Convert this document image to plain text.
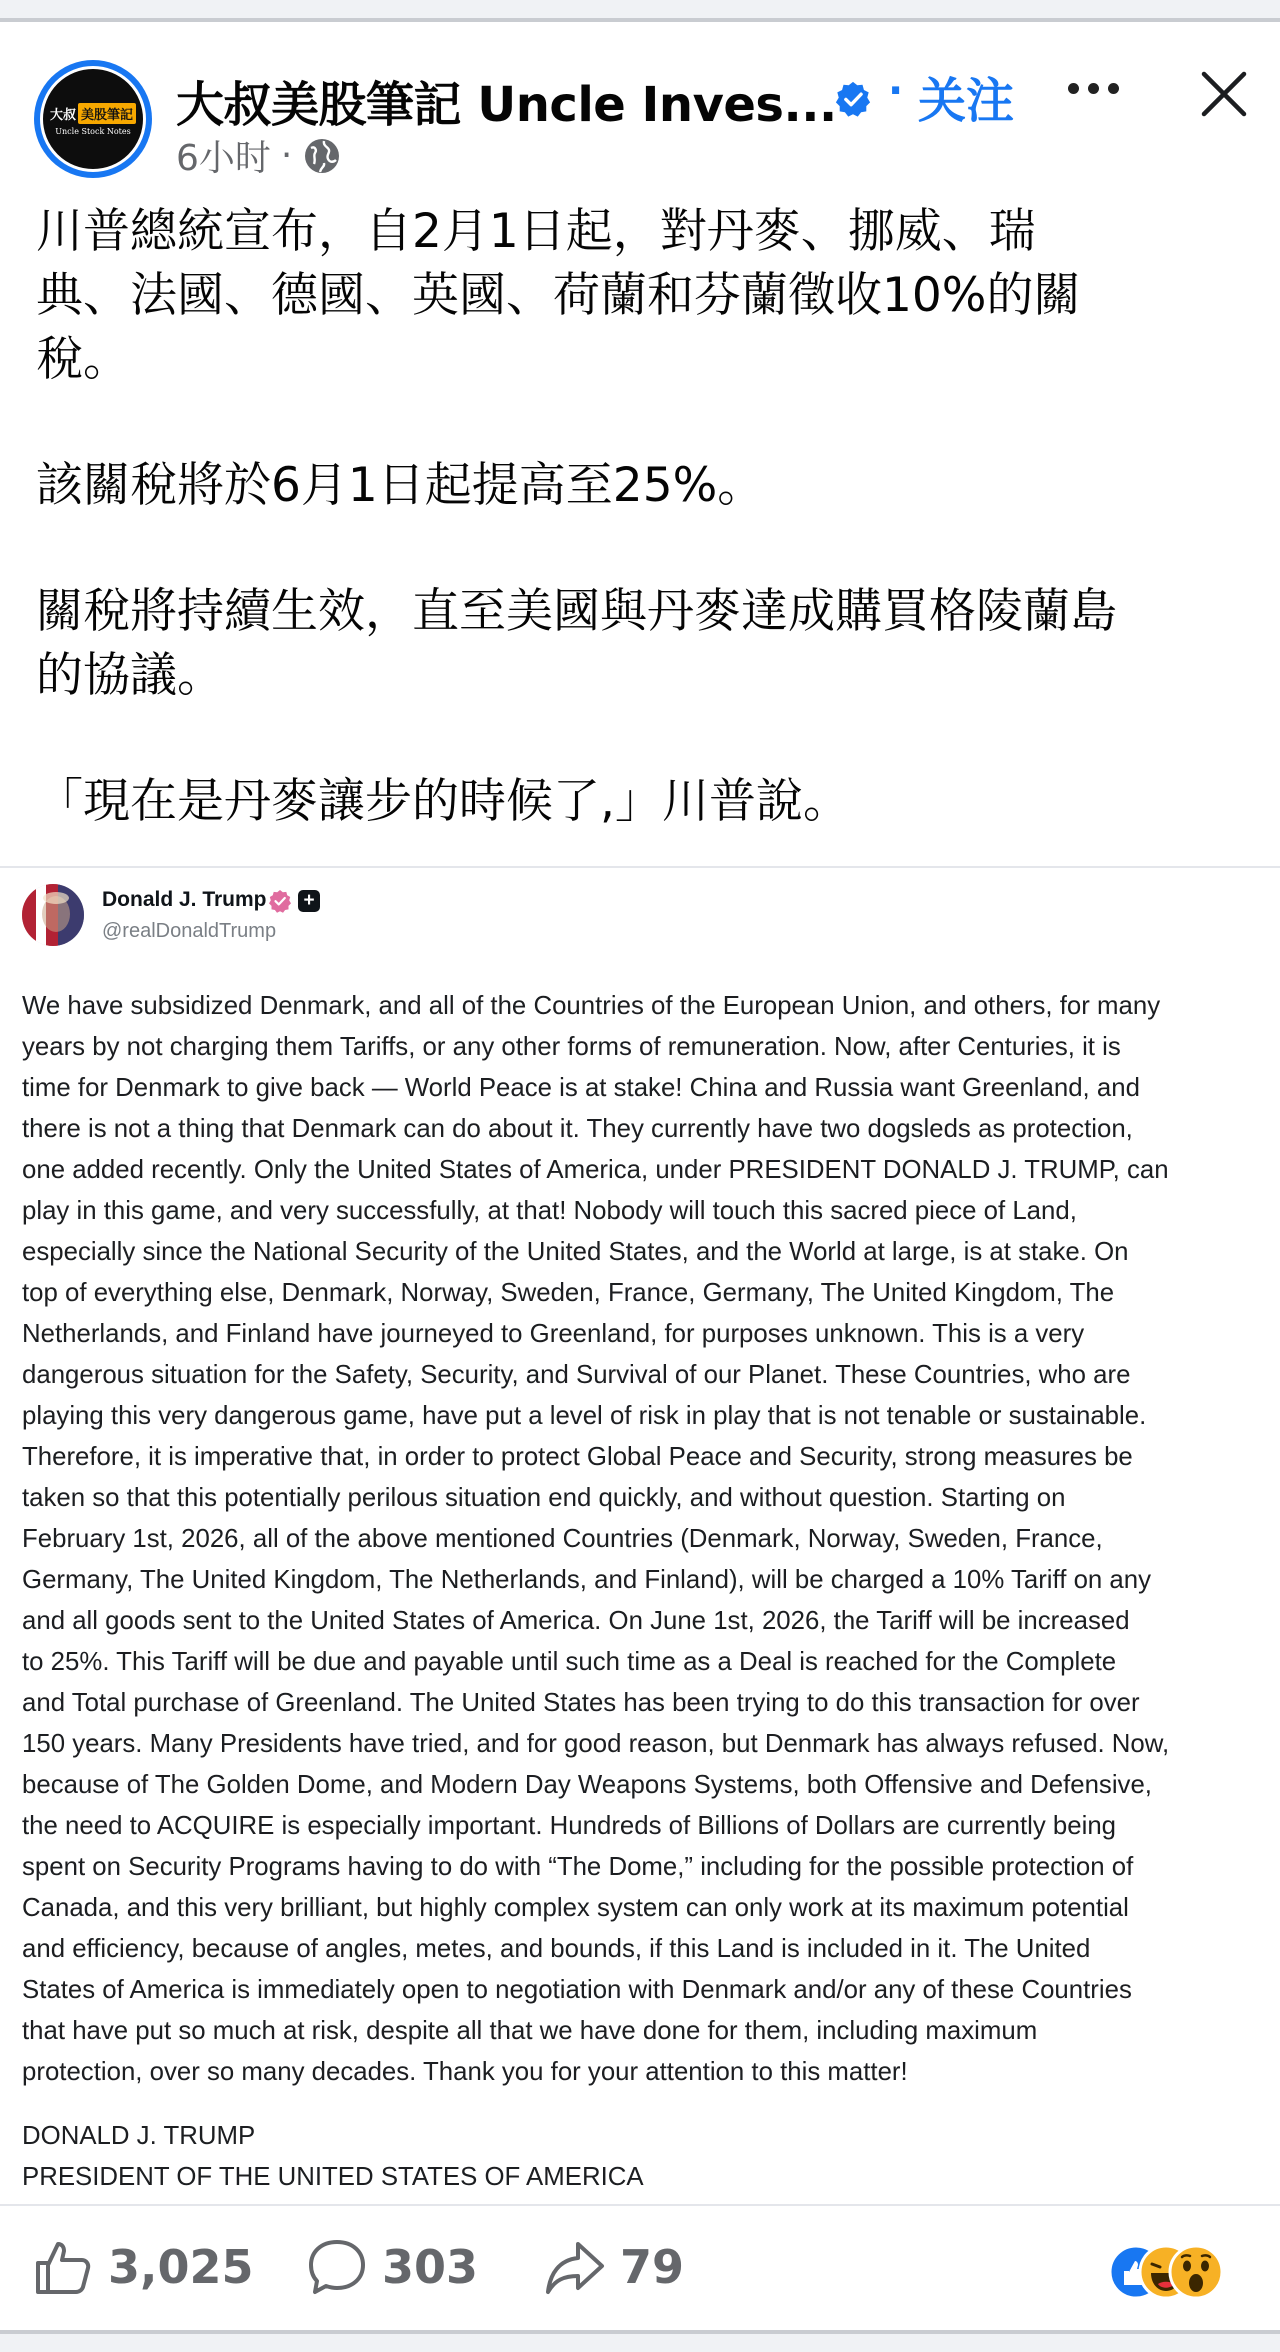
大叔 美股筆記
Uncle Stock Notes 大叔美股筆記 Uncle Inves... · 关注
6小时 ·

川普總統宣布，自2月1日起，對丹麥、挪威、瑞

典、法國、德國、英國、荷蘭和芬蘭徵收10%的關

稅。

該關稅將於6月1日起提高至25%。

關稅將持續生效，直至美國與丹麥達成購買格陵蘭島

的協議。

「現在是丹麥讓步的時候了,」川普說。

Donald J. Trump +
@realDonaldTrump
We have subsidized Denmark, and all of the Countries of the European Union, and others, for many
years by not charging them Tariffs, or any other forms of remuneration. Now, after Centuries, it is
time for Denmark to give back — World Peace is at stake! China and Russia want Greenland, and
there is not a thing that Denmark can do about it. They currently have two dogsleds as protection,
one added recently. Only the United States of America, under PRESIDENT DONALD J. TRUMP, can
play in this game, and very successfully, at that! Nobody will touch this sacred piece of Land,
especially since the National Security of the United States, and the World at large, is at stake. On
top of everything else, Denmark, Norway, Sweden, France, Germany, The United Kingdom, The
Netherlands, and Finland have journeyed to Greenland, for purposes unknown. This is a very
dangerous situation for the Safety, Security, and Survival of our Planet. These Countries, who are
playing this very dangerous game, have put a level of risk in play that is not tenable or sustainable.
Therefore, it is imperative that, in order to protect Global Peace and Security, strong measures be
taken so that this potentially perilous situation end quickly, and without question. Starting on
February 1st, 2026, all of the above mentioned Countries (Denmark, Norway, Sweden, France,
Germany, The United Kingdom, The Netherlands, and Finland), will be charged a 10% Tariff on any
and all goods sent to the United States of America. On June 1st, 2026, the Tariff will be increased
to 25%. This Tariff will be due and payable until such time as a Deal is reached for the Complete
and Total purchase of Greenland. The United States has been trying to do this transaction for over
150 years. Many Presidents have tried, and for good reason, but Denmark has always refused. Now,
because of The Golden Dome, and Modern Day Weapons Systems, both Offensive and Defensive,
the need to ACQUIRE is especially important. Hundreds of Billions of Dollars are currently being
spent on Security Programs having to do with “The Dome,” including for the possible protection of
Canada, and this very brilliant, but highly complex system can only work at its maximum potential
and efficiency, because of angles, metes, and bounds, if this Land is included in it. The United
States of America is immediately open to negotiation with Denmark and/or any of these Countries
that have put so much at risk, despite all that we have done for them, including maximum
protection, over so many decades. Thank you for your attention to this matter!
DONALD J. TRUMP
PRESIDENT OF THE UNITED STATES OF AMERICA
3,025	303	79
